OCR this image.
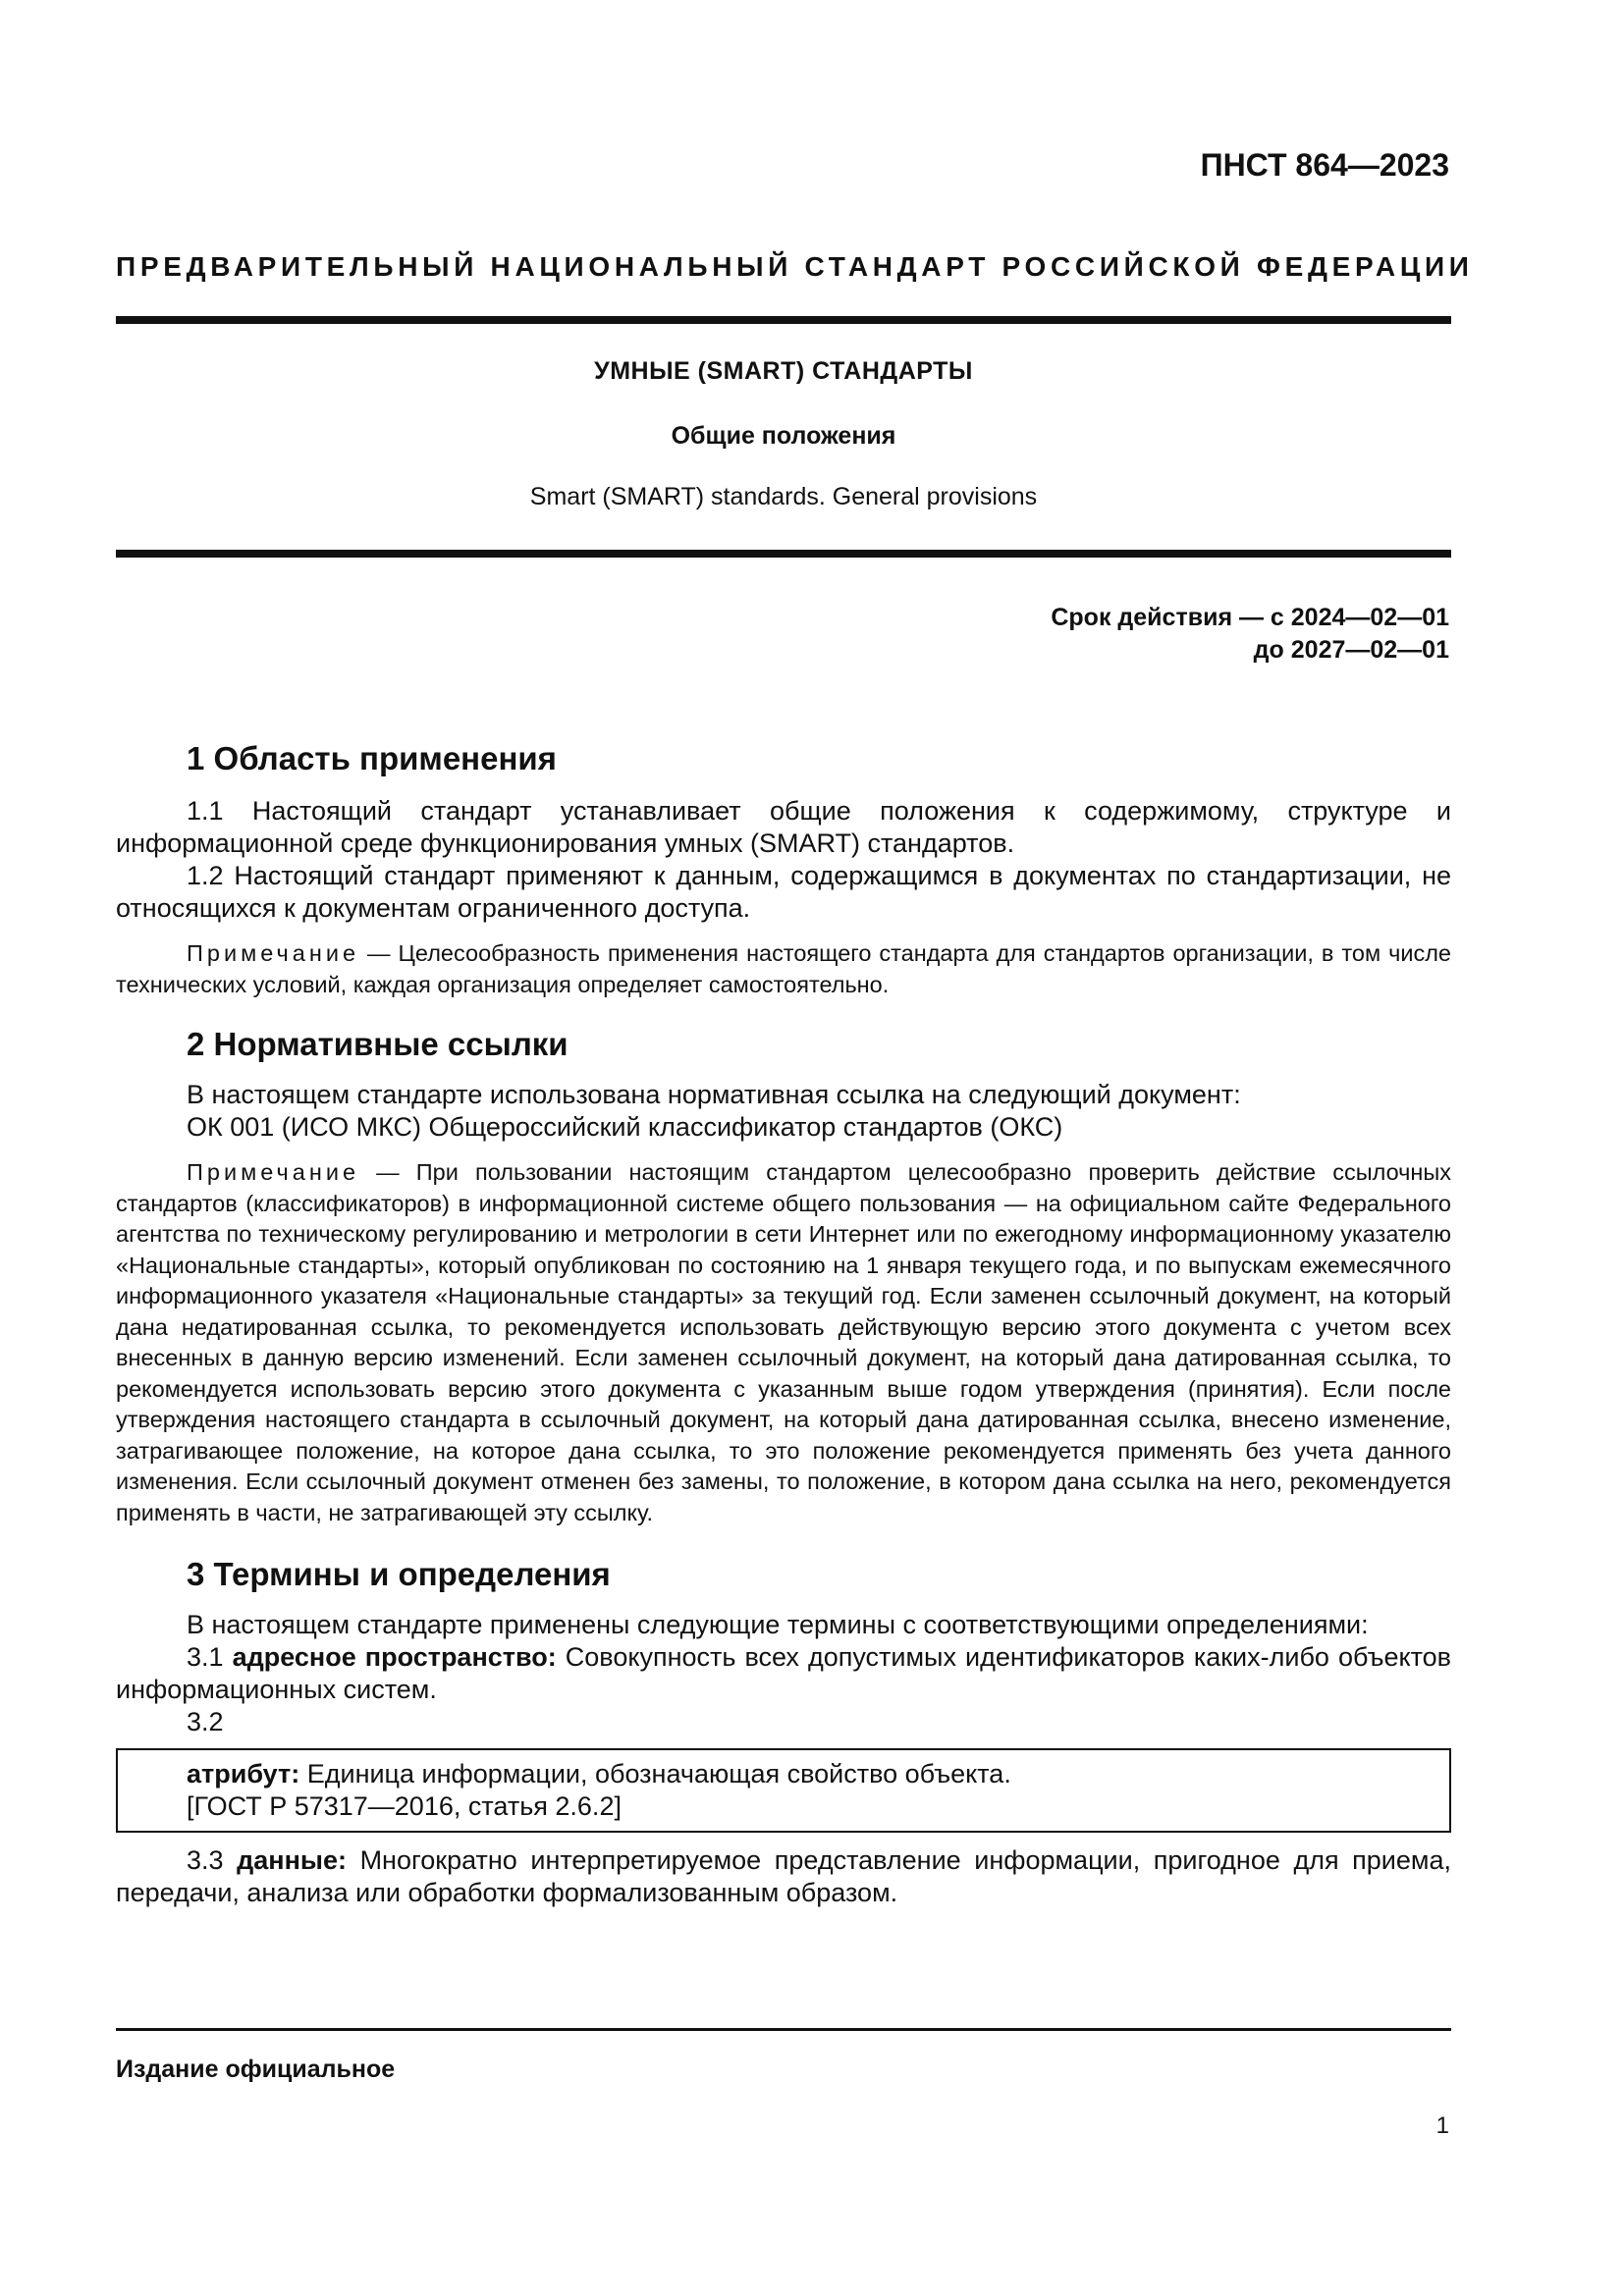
ПНСТ 864—2023
ПРЕДВАРИТЕЛЬНЫЙ НАЦИОНАЛЬНЫЙ СТАНДАРТ РОССИЙСКОЙ ФЕДЕРАЦИИ
УМНЫЕ (SMART) СТАНДАРТЫ
Общие положения
Smart (SMART) standards. General provisions
Срок действия — с 2024—02—01
до 2027—02—01
1 Область применения

1.1 Настоящий стандарт устанавливает общие положения к содержимому, структуре и информационной среде функционирования умных (SMART) стандартов.

1.2 Настоящий стандарт применяют к данным, содержащимся в документах по стандартизации, не относящихся к документам ограниченного доступа.

Примечание — Целесообразность применения настоящего стандарта для стандартов организации, в том числе технических условий, каждая организация определяет самостоятельно.

2 Нормативные ссылки

В настоящем стандарте использована нормативная ссылка на следующий документ:

ОК 001 (ИСО МКС) Общероссийский классификатор стандартов (ОКС)

Примечание — При пользовании настоящим стандартом целесообразно проверить действие ссылочных стандартов (классификаторов) в информационной системе общего пользования — на официальном сайте Федерального агентства по техническому регулированию и метрологии в сети Интернет или по ежегодному информационному указателю «Национальные стандарты», который опубликован по состоянию на 1 января текущего года, и по выпускам ежемесячного информационного указателя «Национальные стандарты» за текущий год. Если заменен ссылочный документ, на который дана недатированная ссылка, то рекомендуется использовать действующую версию этого документа с учетом всех внесенных в данную версию изменений. Если заменен ссылочный документ, на который дана датированная ссылка, то рекомендуется использовать версию этого документа с указанным выше годом утверждения (принятия). Если после утверждения настоящего стандарта в ссылочный документ, на который дана датированная ссылка, внесено изменение, затрагивающее положение, на которое дана ссылка, то это положение рекомендуется применять без учета данного изменения. Если ссылочный документ отменен без замены, то положение, в котором дана ссылка на него, рекомендуется применять в части, не затрагивающей эту ссылку.

3 Термины и определения

В настоящем стандарте применены следующие термины с соответствующими определениями:

3.1 адресное пространство: Совокупность всех допустимых идентификаторов каких-либо объектов информационных систем.

3.2

атрибут: Единица информации, обозначающая свойство объекта.
[ГОСТ Р 57317—2016, статья 2.6.2]

3.3 данные: Многократно интерпретируемое представление информации, пригодное для приема, передачи, анализа или обработки формализованным образом.

Издание официальное
1
